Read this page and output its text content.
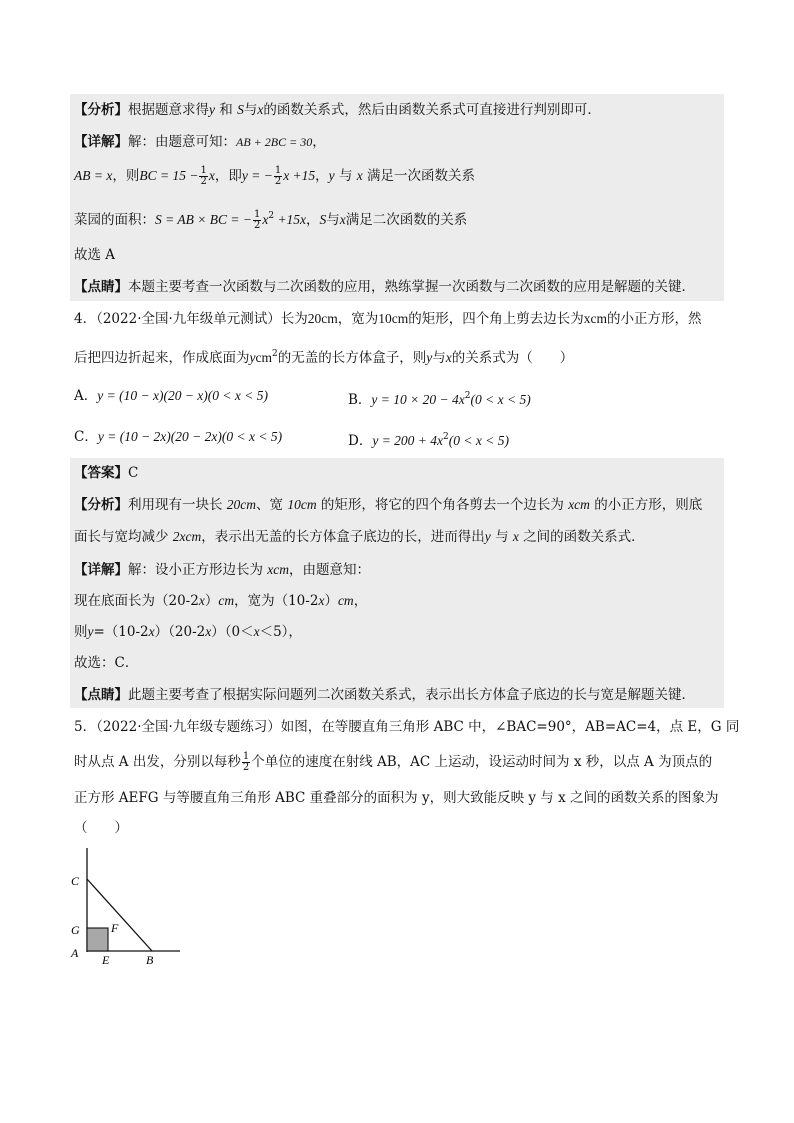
【分析】根据题意求得y 和 S与x的函数关系式，然后由函数关系式可直接进行判别即可．
【详解】解：由题意可知：AB + 2BC = 30，
AB = x，则BC = $15 - \frac{1}{2}$ x，即y = − $\frac{1}{2}$ x +15，y 与 x 满足一次函数关系
菜园的面积：S = AB × BC = − $\frac{1}{2} x^2 +15x$，S与x满足二次函数的关系
故选 A
【点睛】本题主要考查一次函数与二次函数的应用，熟练掌握一次函数与二次函数的应用是解题的关键．
4．（2022·全国·九年级单元测试）长为20cm，宽为10cm的矩形，四个角上剪去边长为xcm的小正方形，然
后把四边折起来，作成底面为ycm$^2$的无盖的长方体盒子，则y与x的关系式为（　　）
A．y = (10 − x)(20 − x)(0 < x < 5)	B．$y = 10 \times 20 - 4x^2(0 < x < 5)$
C．y = (10 − 2x)(20 − 2x)(0 < x < 5)	D．$y = 200 + 4x^2(0 < x < 5)$
【答案】C
【分析】利用现有一块长 20cm、宽 10cm 的矩形，将它的四个角各剪去一个边长为 xcm 的小正方形，则底
面长与宽均减少 2xcm，表示出无盖的长方体盒子底边的长，进而得出y 与 x 之间的函数关系式．
【详解】解：设小正方形边长为 xcm，由题意知：
现在底面长为（20-2x）cm，宽为（10-2x）cm，
则y=（10-2x）（20-2x）（0＜x＜5），
故选：C．
【点睛】此题主要考查了根据实际问题列二次函数关系式，表示出长方体盒子底边的长与宽是解题关键．
5．（2022·全国·九年级专题练习）如图，在等腰直角三角形 ABC 中，∠BAC=90°，AB=AC=4，点 E，G 同
时从点 A 出发，分别以每秒 $\frac{1}{2}$ 个单位的速度在射线 AB，AC 上运动，设运动时间为 x 秒，以点 A 为顶点的
正方形 AEFG 与等腰直角三角形 ABC 重叠部分的面积为 y，则大致能反映 y 与 x 之间的函数关系的图象为
（　　）
C
G	F
A E	B
